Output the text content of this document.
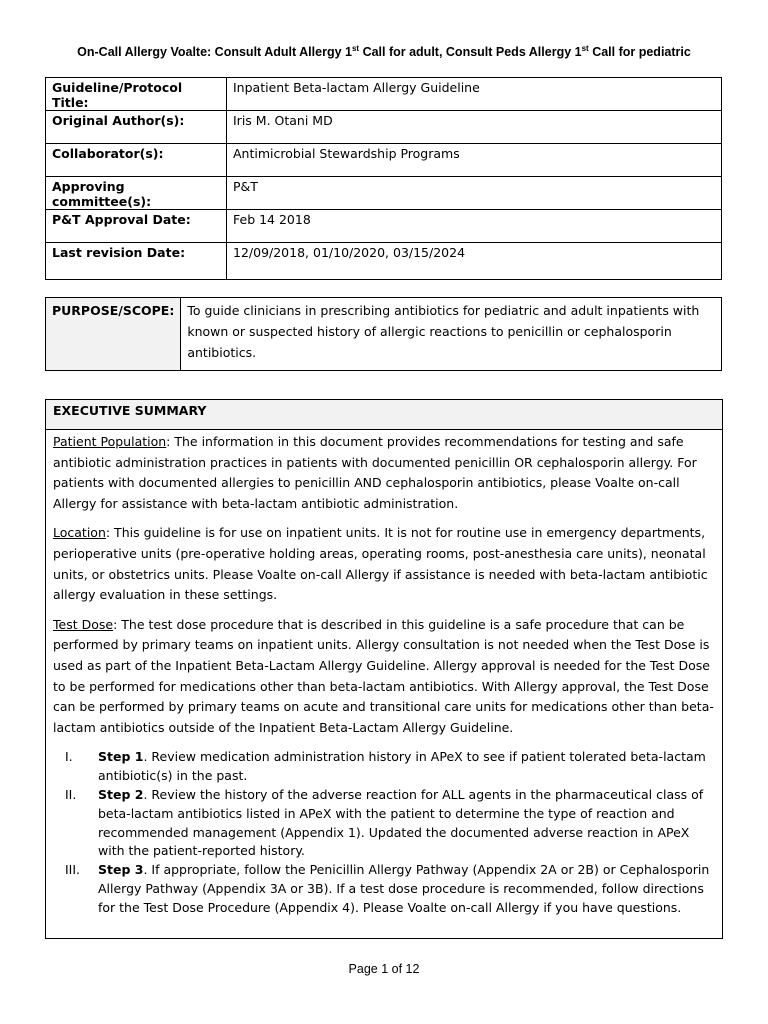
On-Call Allergy Voalte: Consult Adult Allergy 1st Call for adult, Consult Peds Allergy 1st Call for pediatric
Guideline/Protocol Title:	Inpatient Beta-lactam Allergy Guideline
Original Author(s):	Iris M. Otani MD
Collaborator(s):	Antimicrobial Stewardship Programs
Approving committee(s):	P&T
P&T Approval Date:	Feb 14 2018
Last revision Date:	12/09/2018, 01/10/2020, 03/15/2024
PURPOSE/SCOPE:	To guide clinicians in prescribing antibiotics for pediatric and adult inpatients with known or suspected history of allergic reactions to penicillin or cephalosporin antibiotics.
EXECUTIVE SUMMARY

Patient Population: The information in this document provides recommendations for testing and safe antibiotic administration practices in patients with documented penicillin OR cephalosporin allergy. For patients with documented allergies to penicillin AND cephalosporin antibiotics, please Voalte on-call Allergy for assistance with beta-lactam antibiotic administration.

Location: This guideline is for use on inpatient units. It is not for routine use in emergency departments, perioperative units (pre-operative holding areas, operating rooms, post-anesthesia care units), neonatal units, or obstetrics units. Please Voalte on-call Allergy if assistance is needed with beta-lactam antibiotic allergy evaluation in these settings.

Test Dose: The test dose procedure that is described in this guideline is a safe procedure that can be performed by primary teams on inpatient units. Allergy consultation is not needed when the Test Dose is used as part of the Inpatient Beta-Lactam Allergy Guideline. Allergy approval is needed for the Test Dose to be performed for medications other than beta-lactam antibiotics. With Allergy approval, the Test Dose can be performed by primary teams on acute and transitional care units for medications other than beta-lactam antibiotics outside of the Inpatient Beta-Lactam Allergy Guideline.

I.	Step 1. Review medication administration history in APeX to see if patient tolerated beta-lactam antibiotic(s) in the past.
II.	Step 2. Review the history of the adverse reaction for ALL agents in the pharmaceutical class of beta-lactam antibiotics listed in APeX with the patient to determine the type of reaction and recommended management (Appendix 1). Updated the documented adverse reaction in APeX with the patient-reported history.
III.	Step 3. If appropriate, follow the Penicillin Allergy Pathway (Appendix 2A or 2B) or Cephalosporin Allergy Pathway (Appendix 3A or 3B). If a test dose procedure is recommended, follow directions for the Test Dose Procedure (Appendix 4). Please Voalte on-call Allergy if you have questions.
Page 1 of 12
